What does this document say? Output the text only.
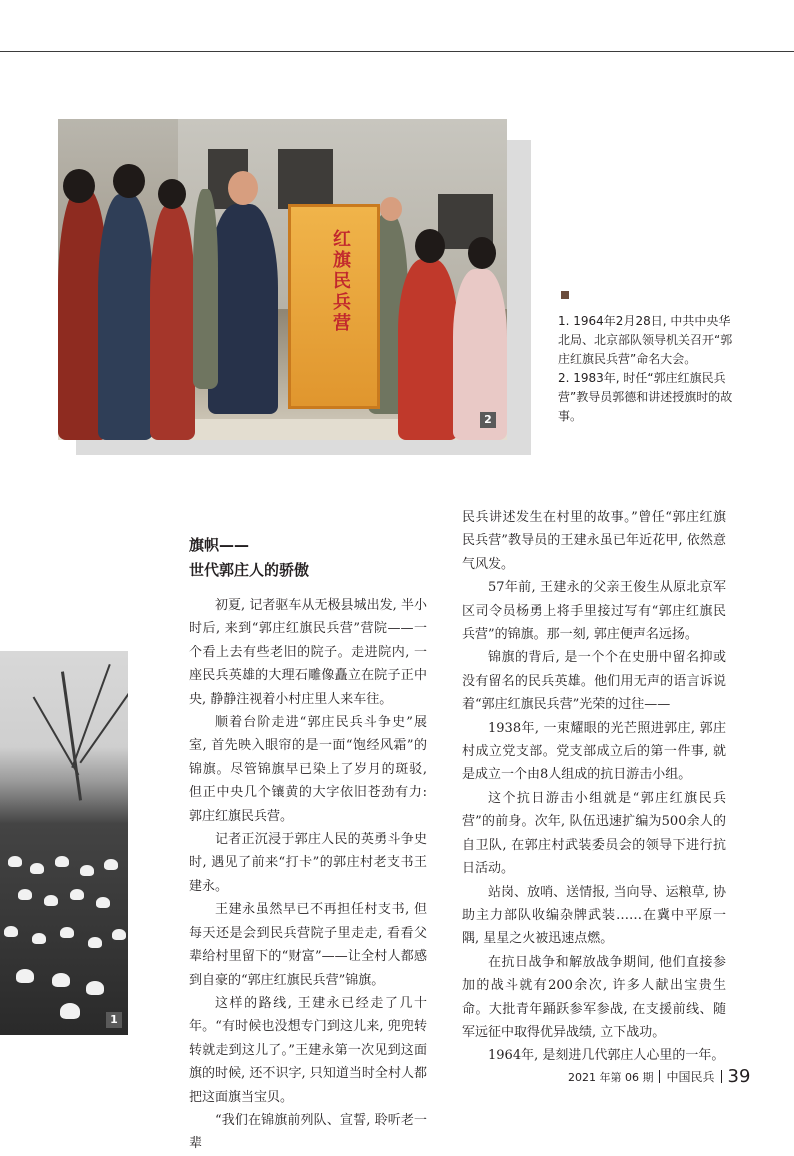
红旗民兵营
2

1. 1964年2月28日, 中共中央华北局、北京部队领导机关召开“郭庄红旗民兵营”命名大会。

2. 1983年, 时任“郭庄红旗民兵营”教导员郭德和讲述授旗时的故事。

1
旗帜——
世代郭庄人的骄傲

初夏, 记者驱车从无极县城出发, 半小时后, 来到“郭庄红旗民兵营”营院——一个看上去有些老旧的院子。走进院内, 一座民兵英雄的大理石雕像矗立在院子正中央, 静静注视着小村庄里人来车往。

顺着台阶走进“郭庄民兵斗争史”展室, 首先映入眼帘的是一面“饱经风霜”的锦旗。尽管锦旗早已染上了岁月的斑驳, 但正中央几个镶黄的大字依旧苍劲有力: 郭庄红旗民兵营。

记者正沉浸于郭庄人民的英勇斗争史时, 遇见了前来“打卡”的郭庄村老支书王建永。

王建永虽然早已不再担任村支书, 但每天还是会到民兵营院子里走走, 看看父辈给村里留下的“财富”——让全村人都感到自豪的“郭庄红旗民兵营”锦旗。

这样的路线, 王建永已经走了几十年。“有时候也没想专门到这儿来, 兜兜转转就走到这儿了。”王建永第一次见到这面旗的时候, 还不识字, 只知道当时全村人都把这面旗当宝贝。

“我们在锦旗前列队、宣誓, 聆听老一辈

民兵讲述发生在村里的故事。”曾任“郭庄红旗民兵营”教导员的王建永虽已年近花甲, 依然意气风发。

57年前, 王建永的父亲王俊生从原北京军区司令员杨勇上将手里接过写有“郭庄红旗民兵营”的锦旗。那一刻, 郭庄便声名远扬。

锦旗的背后, 是一个个在史册中留名抑或没有留名的民兵英雄。他们用无声的语言诉说着“郭庄红旗民兵营”光荣的过往——

1938年, 一束耀眼的光芒照进郭庄, 郭庄村成立党支部。党支部成立后的第一件事, 就是成立一个由8人组成的抗日游击小组。

这个抗日游击小组就是“郭庄红旗民兵营”的前身。次年, 队伍迅速扩编为500余人的自卫队, 在郭庄村武装委员会的领导下进行抗日活动。

站岗、放哨、送情报, 当向导、运粮草, 协助主力部队收编杂牌武装……在冀中平原一隅, 星星之火被迅速点燃。

在抗日战争和解放战争期间, 他们直接参加的战斗就有200余次, 许多人献出宝贵生命。大批青年踊跃参军参战, 在支援前线、随军远征中取得优异战绩, 立下战功。

1964年, 是刻进几代郭庄人心里的一年。

2021 年第 06 期 中国民兵 39
